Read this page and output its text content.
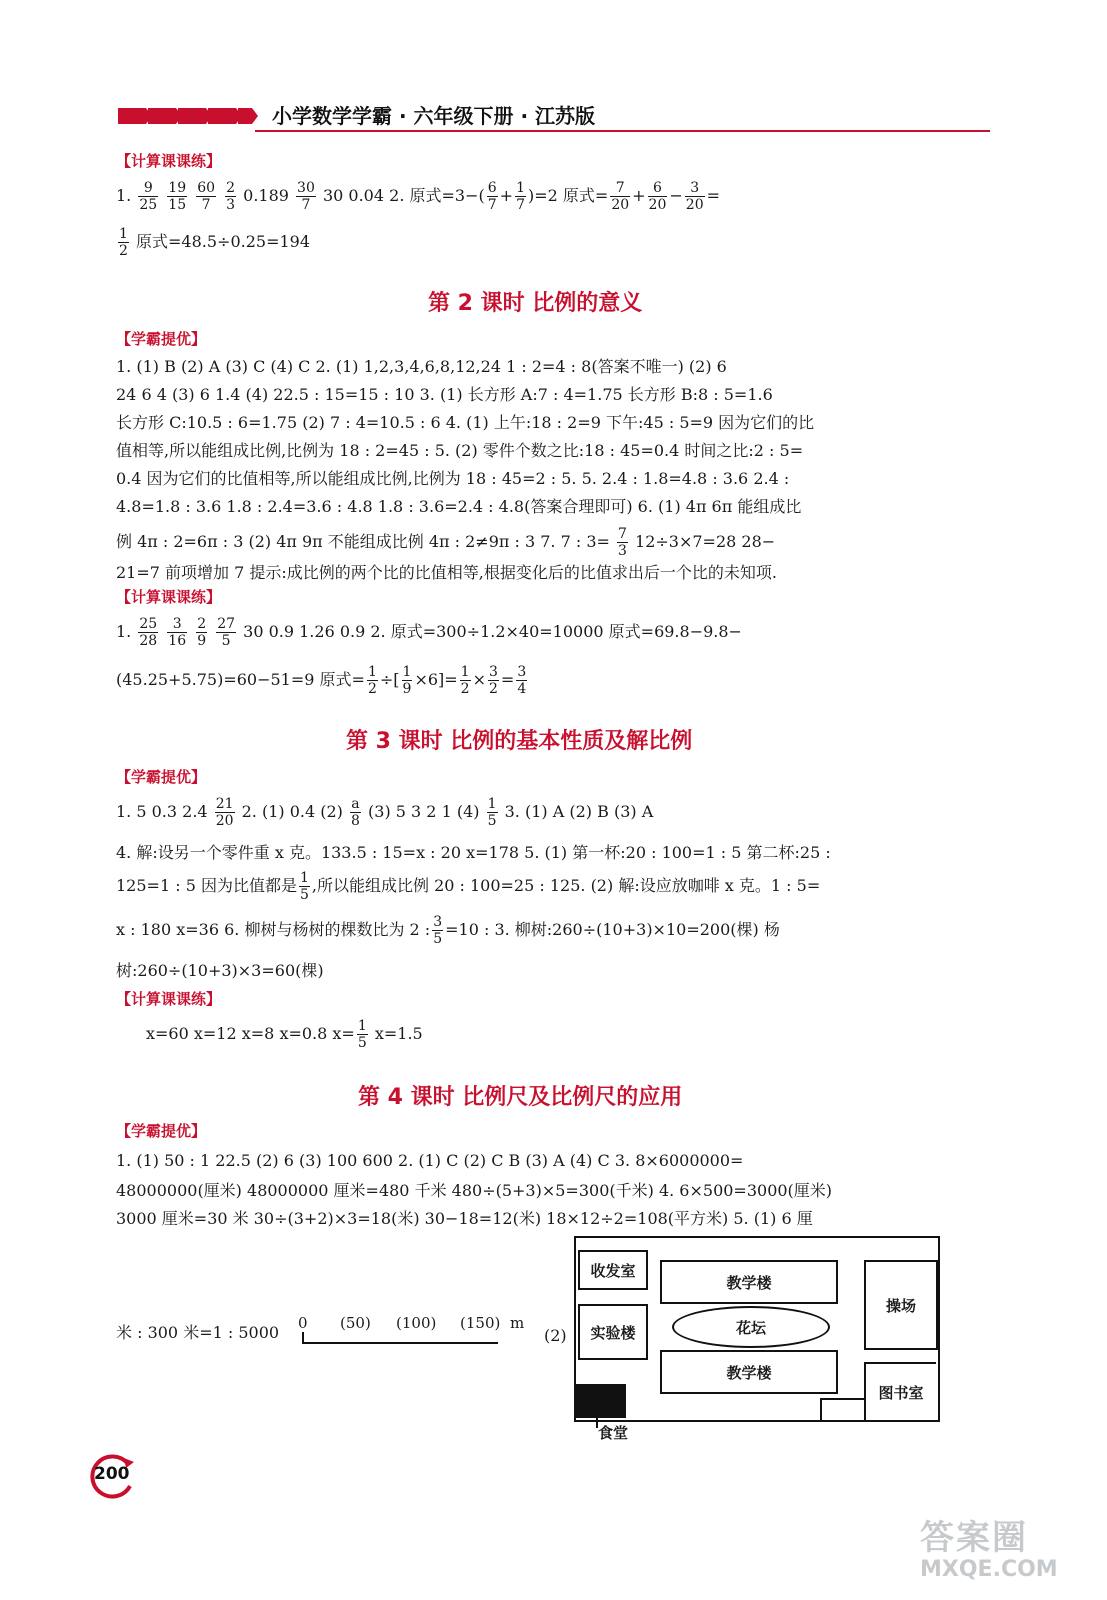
小学数学学霸 · 六年级下册 · 江苏版
【计算课课练】
1. $\frac{9}{25}$
$\frac{19}{15}$
$\frac{60}{7}$
$\frac{2}{3} 0.189 \frac{30}{7} 30$ 0.04 2. 原式$=3-( \frac{6}{7} + \frac{1}{7} )=2$ 原式= $\frac{7}{20} + \frac{6}{20} - \frac{3}{20}$ =
$\frac{1}{2}$ 原式=48.5÷0.25=194
第 2 课时 比例的意义
【学霸提优】
1. (1) B (2) A (3) C (4) C 2. (1) 1,2,3,4,6,8,12,24 1 : 2=4 : 8(答案不唯一) (2) 6
24 6 4 (3) 6 1.4 (4) 22.5 : 15=15 : 10 3. (1) 长方形 A:7 : 4=1.75 长方形 B:8 : 5=1.6
长方形 C:10.5 : 6=1.75 (2) 7 : 4=10.5 : 6 4. (1) 上午:18 : 2=9 下午:45 : 5=9 因为它们的比
值相等,所以能组成比例,比例为 18 : 2=45 : 5. (2) 零件个数之比:18 : 45=0.4 时间之比:2 : 5=
0.4 因为它们的比值相等,所以能组成比例,比例为 18 : 45=2 : 5. 5. 2.4 : 1.8=4.8 : 3.6 2.4 :
4.8=1.8 : 3.6 1.8 : 2.4=3.6 : 4.8 1.8 : 3.6=2.4 : 4.8(答案合理即可) 6. (1) 4π 6π 能组成比
例 4π : 2=6π : 3 (2) 4π 9π 不能组成比例 4π : 2≠9π : 3 7. 7 : $3= \frac{7}{3} 12\div 3\times 7=28$ 28−
21=7 前项增加 7 提示:成比例的两个比的比值相等,根据变化后的比值求出后一个比的未知项.
【计算课课练】
1. $\frac{25}{28}$
$\frac{3}{16}$
$\frac{2}{9}$
$\frac{27}{5} 30$ 0.9 1.26 0.9 2. 原式=300÷1.2×40=10000 原式=69.8−9.8−
(45.25+5.75)=60−51=9 原式= $\frac{1}{2}$ ÷[ $\frac{1}{9} \times 6]= \frac{1}{2} \times \frac{3}{2} = \frac{3}{4}$
第 3 课时 比例的基本性质及解比例
【学霸提优】
1. 5 0.3 $2.4 \frac{21}{20} 2$. (1) 0.4 $(2) \frac{a}{8} (3)$ 5 3 2 1 $(4) \frac{1}{5} 3$. (1) A (2) B (3) A
4. 解:设另一个零件重 x 克。133.5 : 15=x : 20 x=178 5. (1) 第一杯:20 : 100=1 : 5 第二杯:25 :
125=1 : 5 因为比值都是 $\frac{1}{5}$ ,所以能组成比例 20 : 100=25 : 125. (2) 解:设应放咖啡 x 克。1 : 5=
x : 180 x=36 6. 柳树与杨树的棵数比为 2 : $\frac{3}{5} =10$ : 3. 柳树:260÷(10+3)×10=200(棵) 杨
树:260÷(10+3)×3=60(棵)
【计算课课练】
x=60 x=12 x=8 x=0.8 $x= \frac{1}{5} x=1.5$
第 4 课时 比例尺及比例尺的应用
【学霸提优】
1. (1) 50 : 1 22.5 (2) 6 (3) 100 600 2. (1) C (2) C B (3) A (4) C 3. 8×6000000=
48000000(厘米) 48000000 厘米=480 千米 480÷(5+3)×5=300(千米) 4. 6×500=3000(厘米)
3000 厘米=30 米 30÷(3+2)×3=18(米) 30−18=12(米) 18×12÷2=108(平方米) 5. (1) 6 厘
米 : 300 米=1 : 5000 0 (50) (100) (150) m
(2)
收发室
实验楼
教学楼
花坛
教学楼
操场
图书室
食堂
200
答案圈
MXQE.COM
